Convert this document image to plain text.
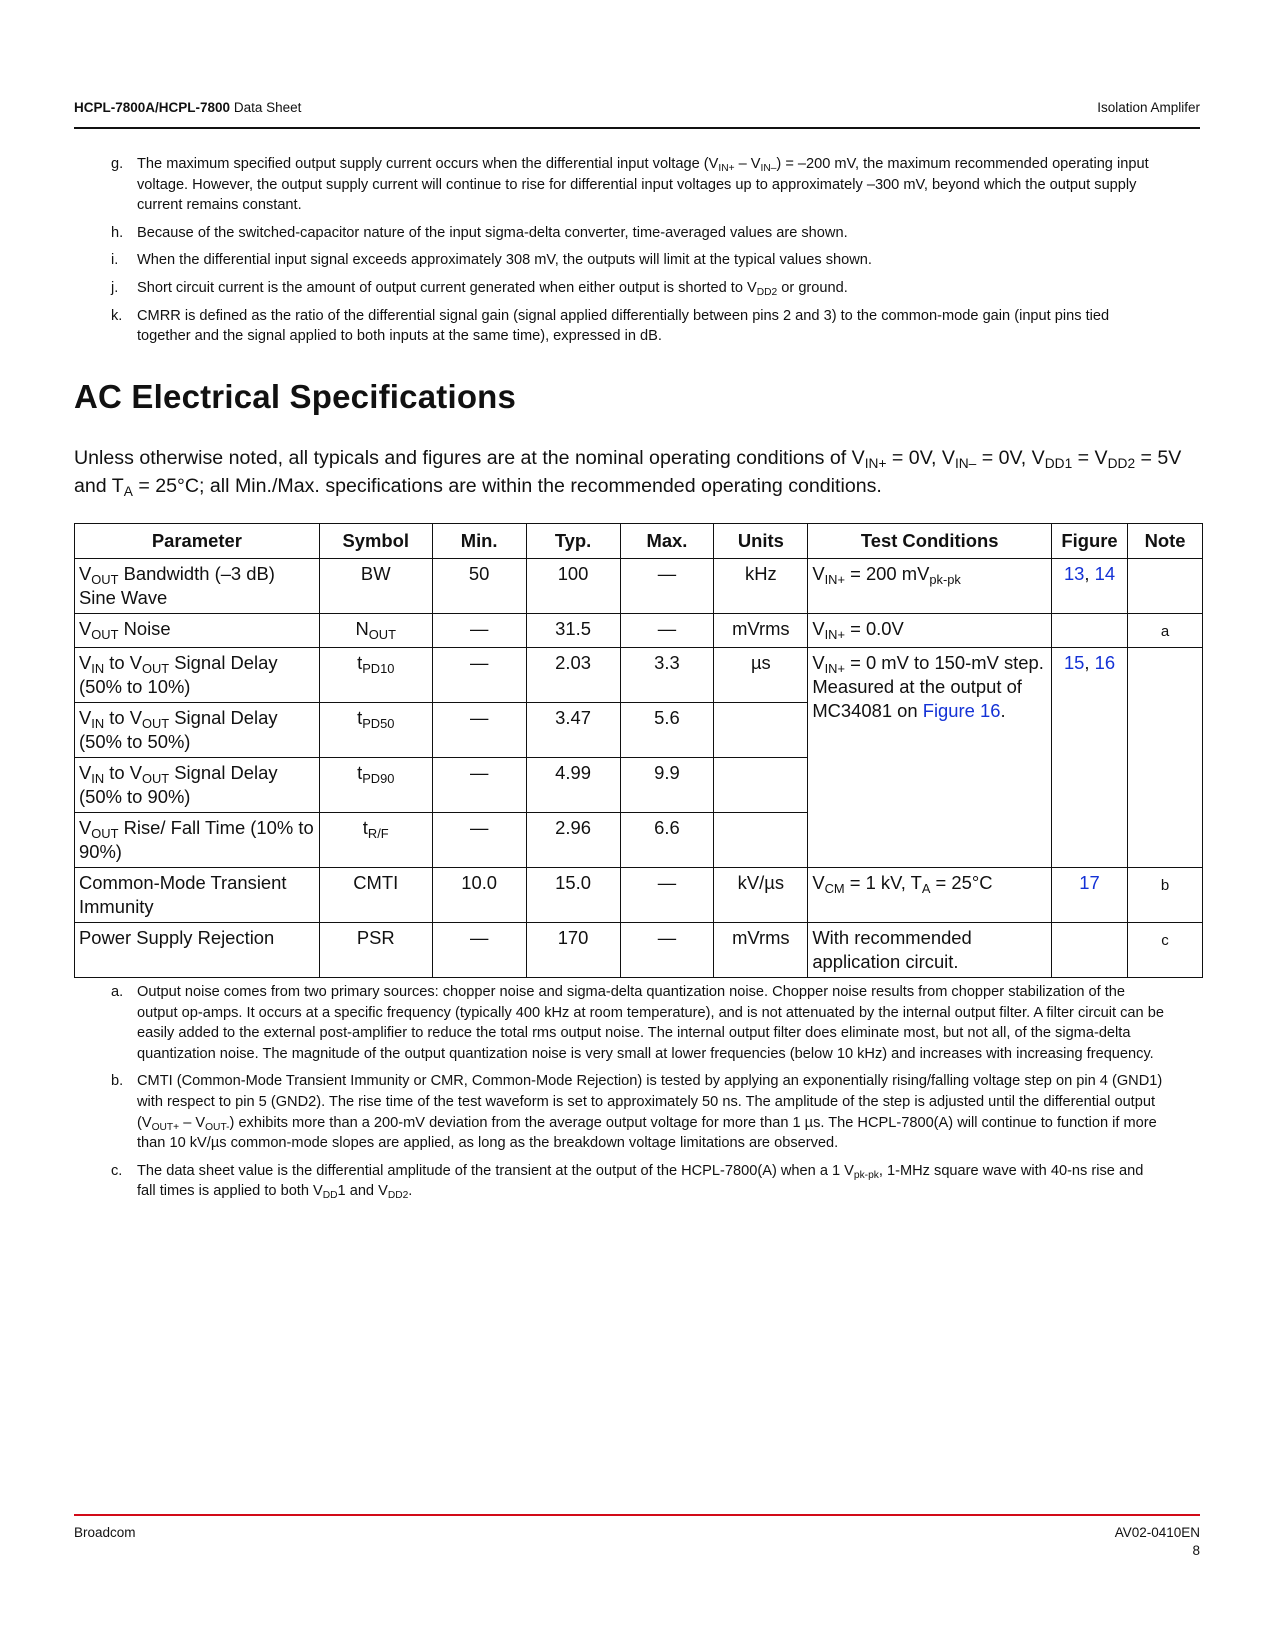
HCPL-7800A/HCPL-7800 Data Sheet	Isolation Amplifer
g. The maximum specified output supply current occurs when the differential input voltage $(V_{IN+} - V_{IN-}) = -200$ mV, the maximum recommended operating input voltage. However, the output supply current will continue to rise for differential input voltages up to approximately –300 mV, beyond which the output supply current remains constant.
h. Because of the switched-capacitor nature of the input sigma-delta converter, time-averaged values are shown.
i. When the differential input signal exceeds approximately 308 mV, the outputs will limit at the typical values shown.
j. Short circuit current is the amount of output current generated when either output is shorted to $V_{DD2}$ or ground.
k. CMRR is defined as the ratio of the differential signal gain (signal applied differentially between pins 2 and 3) to the common-mode gain (input pins tied together and the signal applied to both inputs at the same time), expressed in dB.
AC Electrical Specifications

Unless otherwise noted, all typicals and figures are at the nominal operating conditions of $V_{IN+} = 0V$, $V_{IN-} = 0V$, $V_{DD1} = V_{DD2} = 5V$ and $T_A = 25^\circ C$; all Min./Max. specifications are within the recommended operating conditions.

Parameter	Symbol	Min.	Typ.	Max.	Units	Test Conditions	Figure	Note
$V_{OUT}$ Bandwidth (–3 dB) Sine Wave	BW	50	100	—	kHz	$V_{IN+} = 200$ $mV_{pk-pk}$	13, 14	
$V_{OUT}$ Noise	$N_{OUT}$	—	31.5	—	mVrms	$V_{IN+} = 0.0V$		a
$V_{IN}$ to $V_{OUT}$ Signal Delay (50% to 10%)	$t_{PD10}$	—	2.03	3.3	µs	$V_{IN+} = 0$ mV to 150-mV step. Measured at the output of MC34081 on Figure 16.	15, 16	
$V_{IN}$ to $V_{OUT}$ Signal Delay (50% to 50%)	$t_{PD50}$	—	3.47	5.6				
$V_{IN}$ to $V_{OUT}$ Signal Delay (50% to 90%)	$t_{PD90}$	—	4.99	9.9				
$V_{OUT}$ Rise/ Fall Time (10% to 90%)	$t_{R/F}$	—	2.96	6.6				
Common-Mode Transient Immunity	CMTI	10.0	15.0	—	kV/µs	$V_{CM} = 1$ kV, $T_A = 25^\circ C$	17	b
Power Supply Rejection	PSR	—	170	—	mVrms	With recommended application circuit.		c
a. Output noise comes from two primary sources: chopper noise and sigma-delta quantization noise. Chopper noise results from chopper stabilization of the output op-amps. It occurs at a specific frequency (typically 400 kHz at room temperature), and is not attenuated by the internal output filter. A filter circuit can be easily added to the external post-amplifier to reduce the total rms output noise. The internal output filter does eliminate most, but not all, of the sigma-delta quantization noise. The magnitude of the output quantization noise is very small at lower frequencies (below 10 kHz) and increases with increasing frequency.
b. CMTI (Common-Mode Transient Immunity or CMR, Common-Mode Rejection) is tested by applying an exponentially rising/falling voltage step on pin 4 (GND1) with respect to pin 5 (GND2). The rise time of the test waveform is set to approximately 50 ns. The amplitude of the step is adjusted until the differential output $(V_{OUT+} - V_{OUT-})$ exhibits more than a 200-mV deviation from the average output voltage for more than 1 µs. The HCPL-7800(A) will continue to function if more than 10 kV/µs common-mode slopes are applied, as long as the breakdown voltage limitations are observed.
c. The data sheet value is the differential amplitude of the transient at the output of the HCPL-7800(A) when a 1 $V_{pk-pk}$, 1-MHz square wave with 40-ns rise and fall times is applied to both $V_{DD}1$ and $V_{DD2}$.
Broadcom	AV02-0410EN
8
